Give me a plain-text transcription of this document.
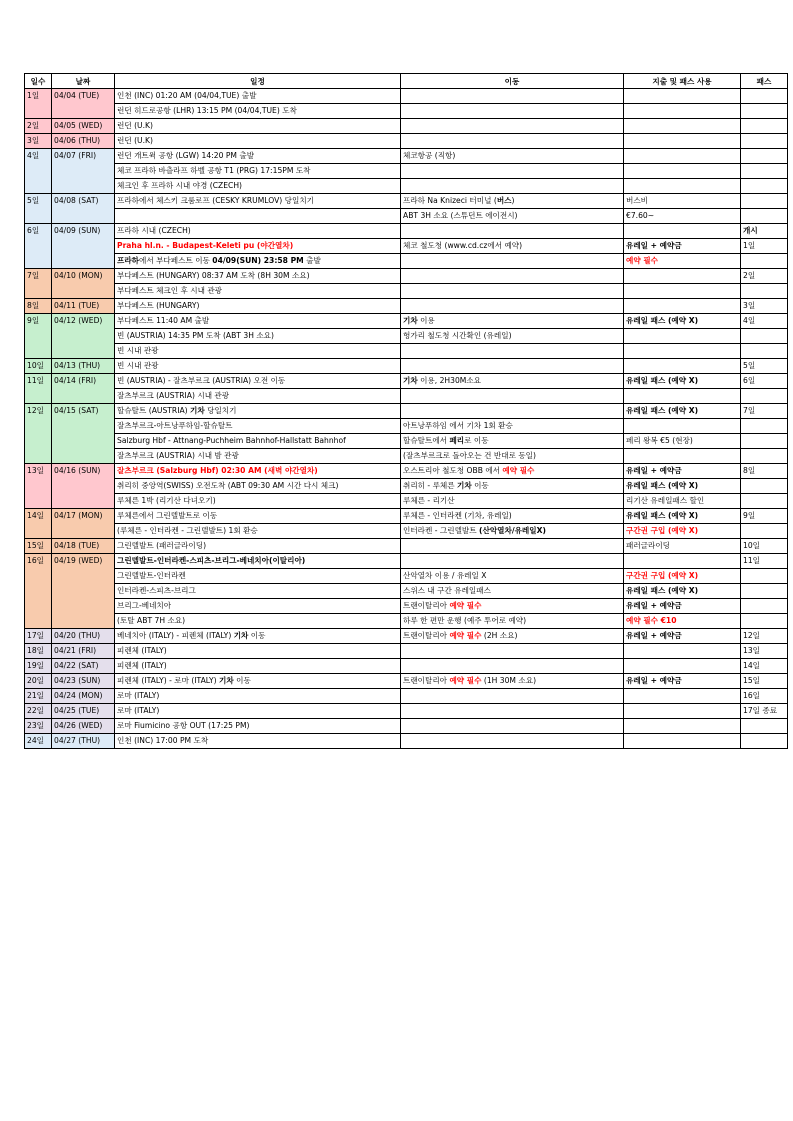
일수	날짜	일정	이동	지출 및 패스 사용	패스
1일	04/04 (TUE)	인천 (INC) 01:20 AM (04/04,TUE) 출발			
		런던 히드로공항 (LHR) 13:15 PM (04/04,TUE) 도착			
2일	04/05 (WED)	런던 (U.K)			
3일	04/06 (THU)	런던 (U.K)			
4일	04/07 (FRI)	런던 개트윅 공항 (LGW) 14:20 PM 출발	체코항공 (직항)		
		체코 프라하 바츨라프 하벨 공항 T1 (PRG) 17:15PM 도착			
		체크인 후 프라하 시내 야경 (CZECH)			
5일	04/08 (SAT)	프라하에서 체스키 크룸로프 (CESKY KRUMLOV) 당일치기	프라하 Na Knizeci 터미널 (버스)	버스비	
			ABT 3H 소요 (스튜던트 에이전시)	€7.60~	
6일	04/09 (SUN)	프라하 시내 (CZECH)			개시
		Praha hl.n. - Budapest-Keleti pu (야간열차)	체코 철도청 (www.cd.cz에서 예약)	유레일 + 예약금	1일
		프라하에서 부다페스트 이동 04/09(SUN) 23:58 PM 출발		예약 필수	
7일	04/10 (MON)	부다페스트 (HUNGARY) 08:37 AM 도착 (8H 30M 소요)			2일
		부다페스트 체크인 후 시내 관광			
8일	04/11 (TUE)	부다페스트 (HUNGARY)			3일
9일	04/12 (WED)	부다페스트 11:40 AM 출발	기차 이용	유레일 패스 (예약 X)	4일
		빈 (AUSTRIA) 14:35 PM 도착 (ABT 3H 소요)	헝가리 철도청 시간확인 (유레일)		
		빈 시내 관광			
10일	04/13 (THU)	빈 시내 관광			5일
11일	04/14 (FRI)	빈 (AUSTRIA) - 잘츠부르크 (AUSTRIA) 오전 이동	기차 이용, 2H30M소요	유레일 패스 (예약 X)	6일
		잘츠부르크 (AUSTRIA) 시내 관광			
12일	04/15 (SAT)	할슈탈트 (AUSTRIA) 기차 당일치기		유레일 패스 (예약 X)	7일
		잘츠부르크-아트낭푸하임-할슈탈트	아트낭푸하임 에서 기차 1회 환승		
		Salzburg Hbf - Attnang-Puchheim Bahnhof-Hallstatt Bahnhof	할슈탈트에서 페리로 이동	페리 왕복 €5 (현장)	
		잘츠부르크 (AUSTRIA) 시내 밤 관광	(잘츠부르크로 돌아오는 건 반대로 동일)		
13일	04/16 (SUN)	잘츠부르크 (Salzburg Hbf) 02:30 AM (새벽 야간열차)	오스트리아 철도청 OBB 에서 예약 필수	유레일 + 예약금	8일
		취리히 중앙역(SWISS) 오전도착 (ABT 09:30 AM 시간 다시 체크)	취리히 - 루체른 기차 이동	유레일 패스 (예약 X)	
		루체른 1박 (리기산 다녀오기)	루체른 - 리기산	리기산 유레일패스 할인	
14일	04/17 (MON)	루체른에서 그린델발트로 이동	루체른 - 인터라켄 (기차, 유레일)	유레일 패스 (예약 X)	9일
		(루체른 - 인터라켄 - 그린델발트) 1회 환승	인터라켄 - 그린델발트 (산악열차/유레일X)	구간권 구입 (예약 X)	
15일	04/18 (TUE)	그린델발트 (패러글라이딩)		패러글라이딩	10일
16일	04/19 (WED)	그린델발트-인터라켄-스피츠-브리그-베네치아(이탈리아)			11일
		그린델발트-인터라켄	산악열차 이용 / 유레일 X	구간권 구입 (예약 X)	
		인터라켄-스피츠-브리그	스위스 내 구간 유레일패스	유레일 패스 (예약 X)	
		브리그-베네치아	트랜이탈리아 예약 필수	유레일 + 예약금	
		(토탈 ABT 7H 소요)	하루 한 편만 운행 (예주 투어로 예약)	예약 필수 €10	
17일	04/20 (THU)	베네치아 (ITALY) - 피렌체 (ITALY) 기차 이동	트랜이탈리아 예약 필수 (2H 소요)	유레일 + 예약금	12일
18일	04/21 (FRI)	피렌체 (ITALY)			13일
19일	04/22 (SAT)	피렌체 (ITALY)			14일
20일	04/23 (SUN)	피렌체 (ITALY) - 로마 (ITALY) 기차 이동	트랜이탈리아 예약 필수 (1H 30M 소요)	유레일 + 예약금	15일
21일	04/24 (MON)	로마 (ITALY)			16일
22일	04/25 (TUE)	로마 (ITALY)			17일 종료
23일	04/26 (WED)	로마 Fiumicino 공항 OUT (17:25 PM)			
24일	04/27 (THU)	인천 (INC) 17:00 PM 도착			
